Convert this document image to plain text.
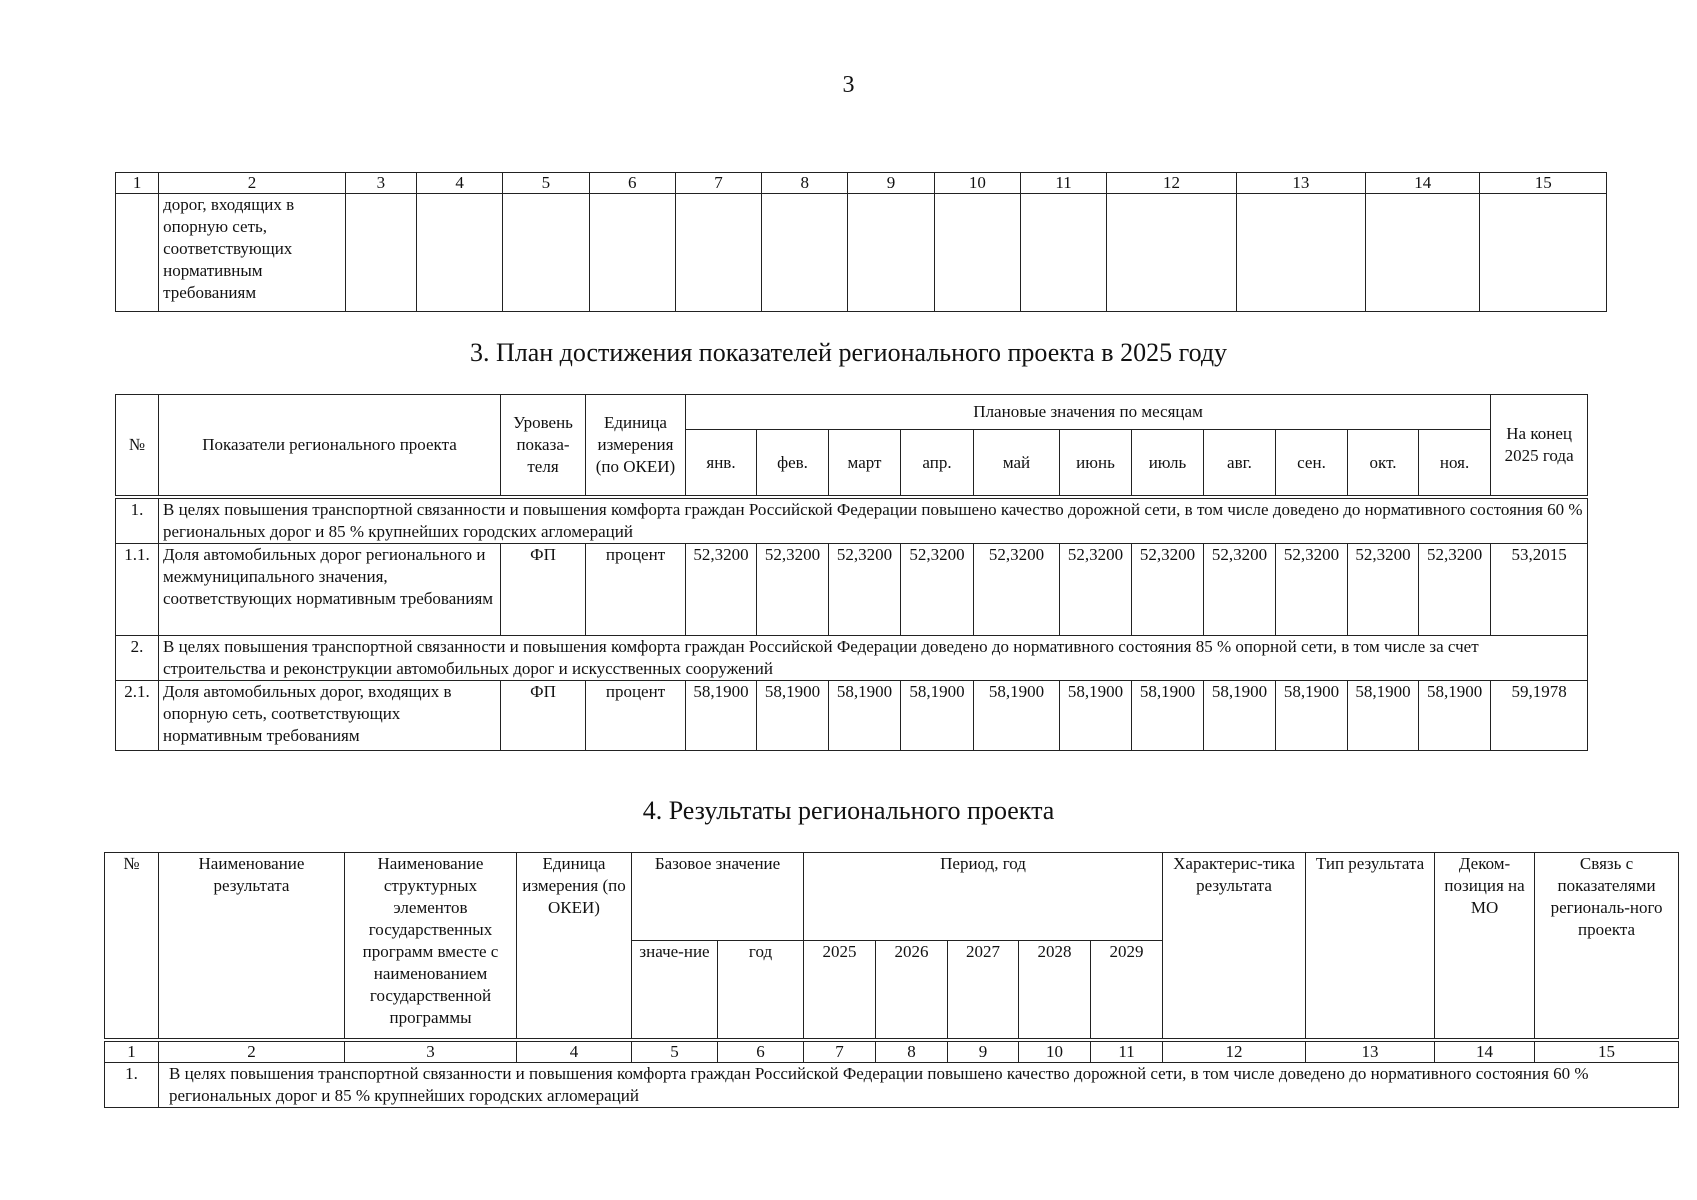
3
1	2	3	4	5	6	7	8	9	10	11	12	13	14	15
	дорог, входящих в опорную сеть, соответствующих нормативным требованиям													
3. План достижения показателей регионального проекта в 2025 году
№	Показатели регионального проекта	Уровень показа-теля	Единица измерения (по ОКЕИ)	Плановые значения по месяцам											На конец 2025 года
				янв.	фев.	март	апр.	май	июнь	июль	авг.	сен.	окт.	ноя.	

1.	В целях повышения транспортной связанности и повышения комфорта граждан Российской Федерации повышено качество дорожной сети, в том числе доведено до нормативного состояния 60 % региональных дорог и 85 % крупнейших городских агломераций														
1.1.	Доля автомобильных дорог регионального и межмуниципального значения, соответствующих нормативным требованиям	ФП	процент	52,3200	52,3200	52,3200	52,3200	52,3200	52,3200	52,3200	52,3200	52,3200	52,3200	52,3200	53,2015
2.	В целях повышения транспортной связанности и повышения комфорта граждан Российской Федерации доведено до нормативного состояния 85 % опорной сети, в том числе за счет строительства и реконструкции автомобильных дорог и искусственных сооружений														
2.1.	Доля автомобильных дорог, входящих в опорную сеть, соответствующих нормативным требованиям	ФП	процент	58,1900	58,1900	58,1900	58,1900	58,1900	58,1900	58,1900	58,1900	58,1900	58,1900	58,1900	59,1978
4. Результаты регионального проекта
№	Наименование результата	Наименование структурных элементов государственных программ вместе с наименованием государственной программы	Единица измерения (по ОКЕИ)	Базовое значение		Период, год					Характерис-тика результата	Тип результата	Деком-позиция на МО	Связь с показателями региональ-ного проекта
				значе-ние	год	2025	2026	2027	2028	2029				

1	2	3	4	5	6	7	8	9	10	11	12	13	14	15
1.	В целях повышения транспортной связанности и повышения комфорта граждан Российской Федерации повышено качество дорожной сети, в том числе доведено до нормативного состояния 60 % региональных дорог и 85 % крупнейших городских агломераций													
